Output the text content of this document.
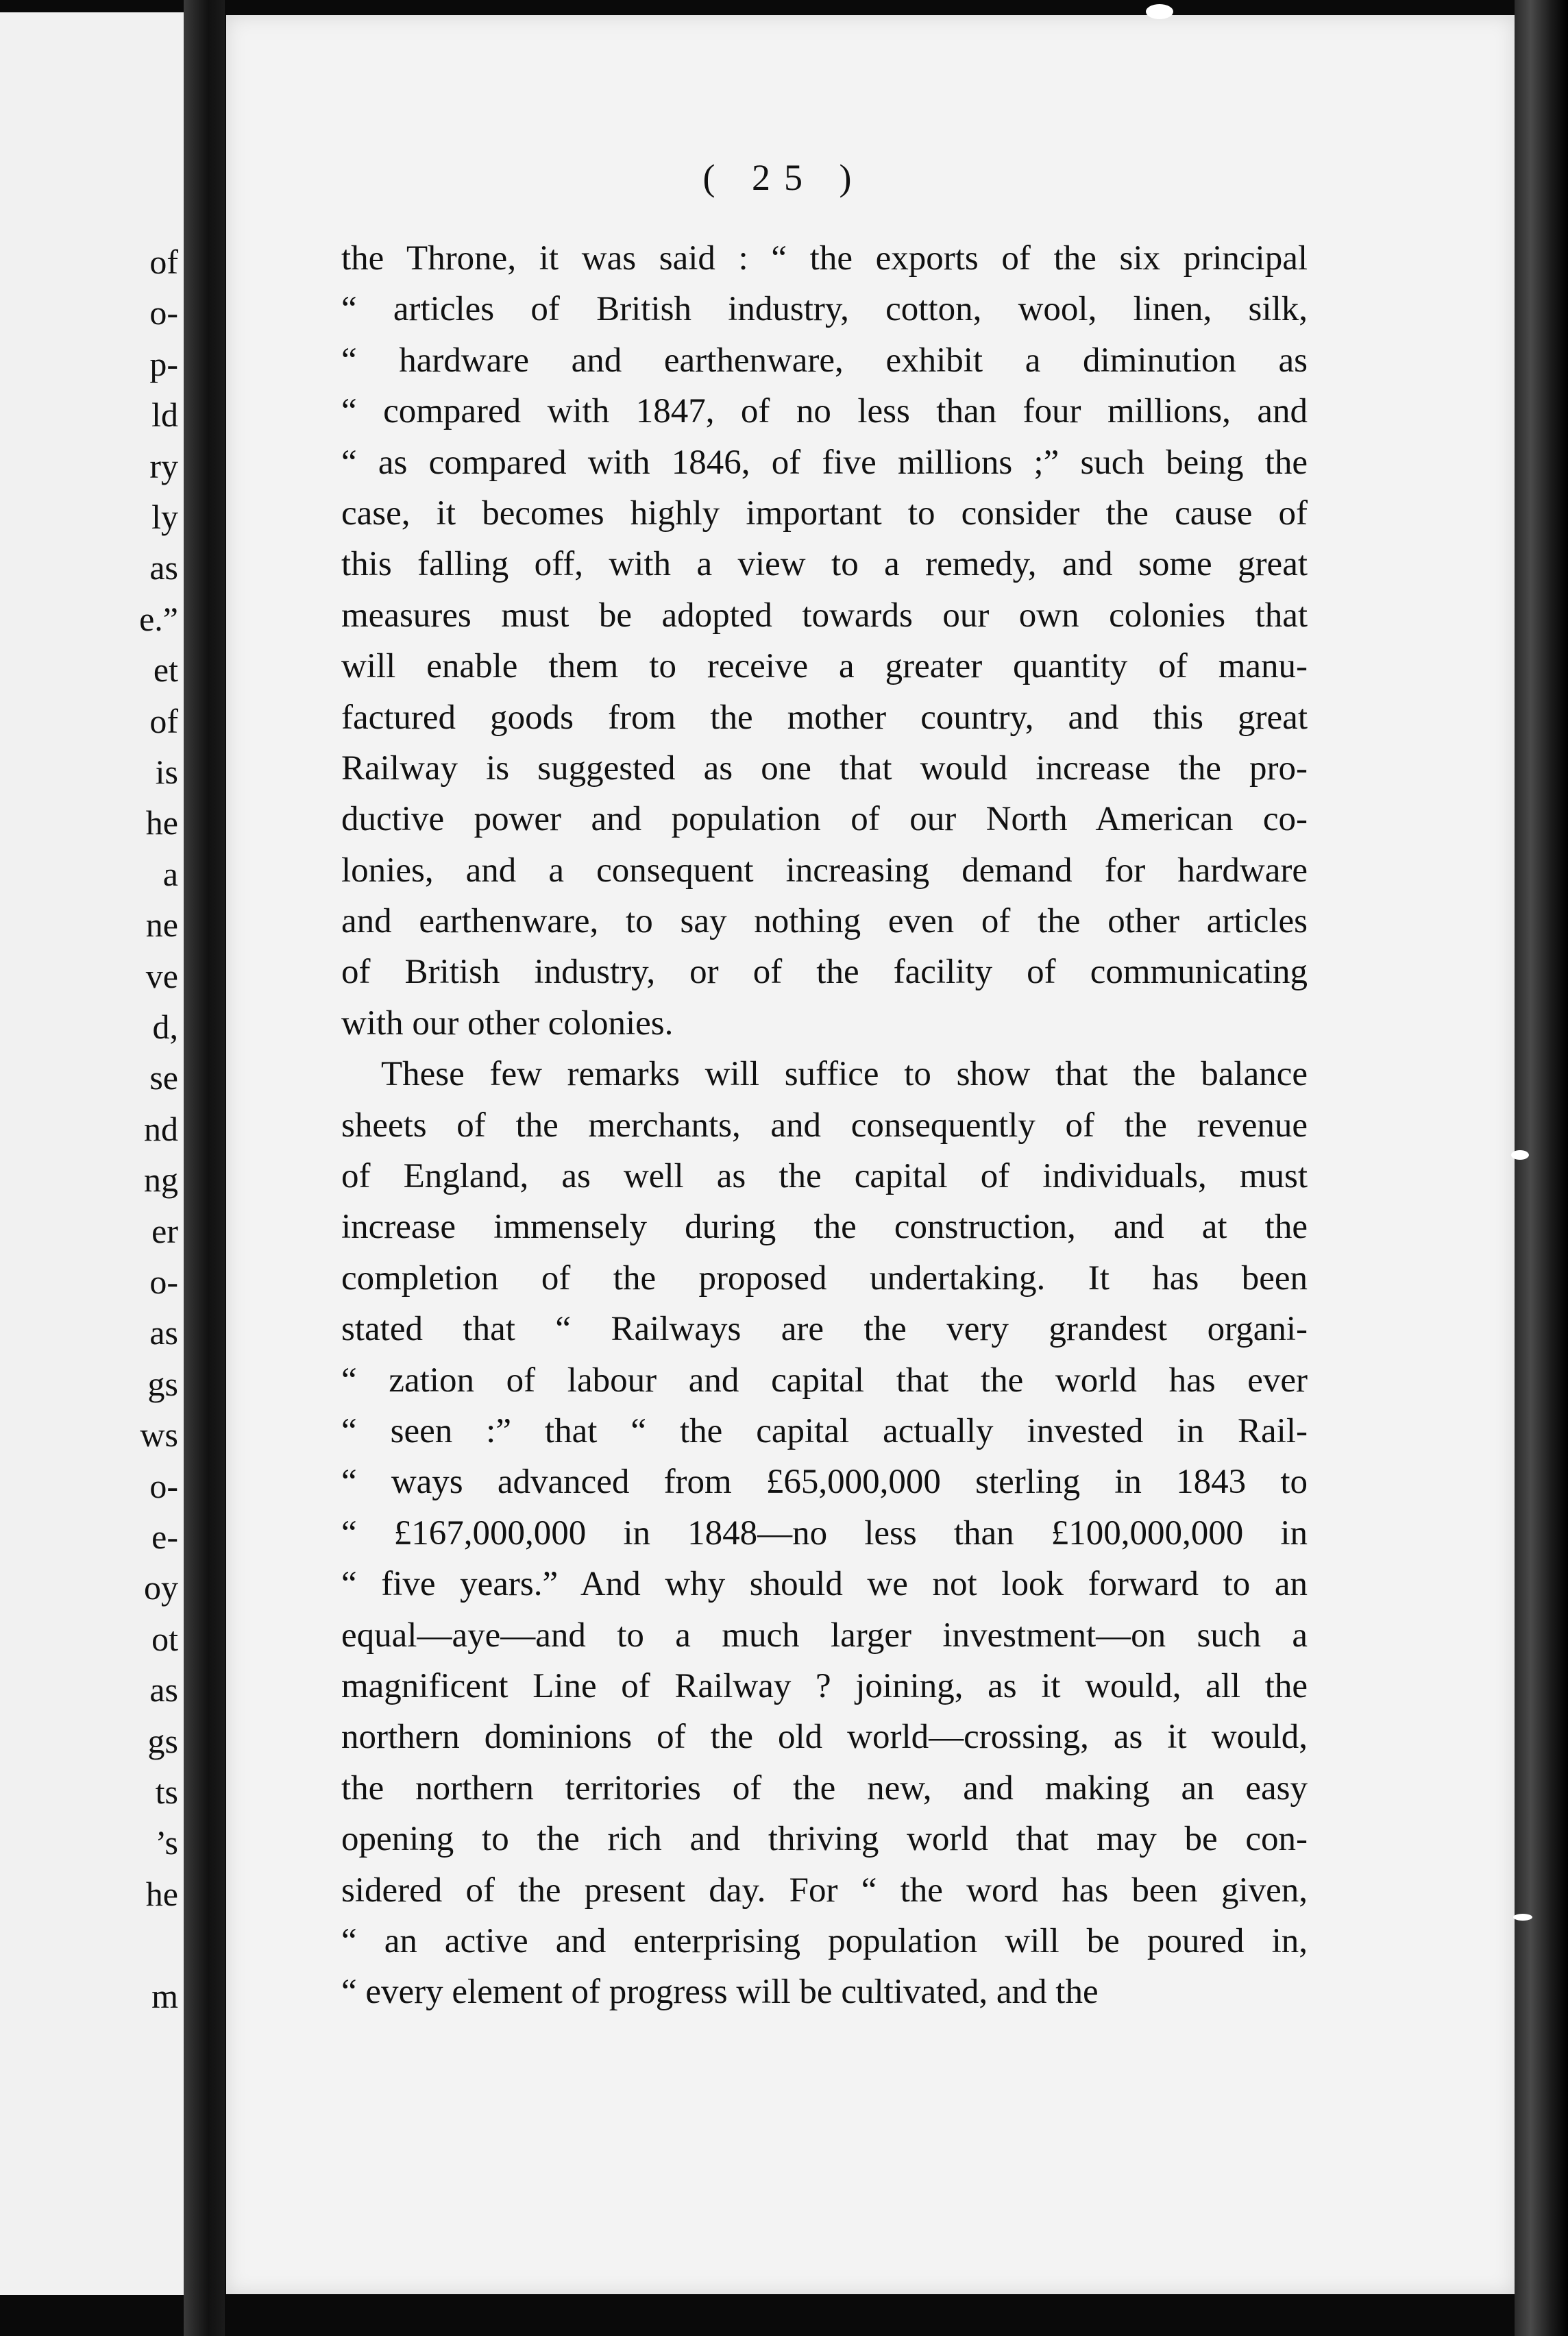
of
o-
p-
ld
ry
ly
as
e.”
et
of
is
he
a
ne
ve
d,
se
nd
ng
er
o-
as
gs
ws
o-
e-
oy
ot
as
gs
ts
’s
he
m
( 25 )
the Throne, it was said : “ the exports of the six principal
“ articles of British industry, cotton, wool, linen, silk,
“ hardware and earthenware, exhibit a diminution as
“ compared with 1847, of no less than four millions, and
“ as compared with 1846, of five millions ;” such being the
case, it becomes highly important to consider the cause of
this falling off, with a view to a remedy, and some great
measures must be adopted towards our own colonies that
will enable them to receive a greater quantity of manu-
factured goods from the mother country, and this great
Railway is suggested as one that would increase the pro-
ductive power and population of our North American co-
lonies, and a consequent increasing demand for hardware
and earthenware, to say nothing even of the other articles
of British industry, or of the facility of communicating
with our other colonies.
These few remarks will suffice to show that the balance
sheets of the merchants, and consequently of the revenue
of England, as well as the capital of individuals, must
increase immensely during the construction, and at the
completion of the proposed undertaking. It has been
stated that “ Railways are the very grandest organi-
“ zation of labour and capital that the world has ever
“ seen :” that “ the capital actually invested in Rail-
“ ways advanced from £65,000,000 sterling in 1843 to
“ £167,000,000 in 1848—no less than £100,000,000 in
“ five years.” And why should we not look forward to an
equal—aye—and to a much larger investment—on such a
magnificent Line of Railway ? joining, as it would, all the
northern dominions of the old world—crossing, as it would,
the northern territories of the new, and making an easy
opening to the rich and thriving world that may be con-
sidered of the present day. For “ the word has been given,
“ an active and enterprising population will be poured in,
“ every element of progress will be cultivated, and the
